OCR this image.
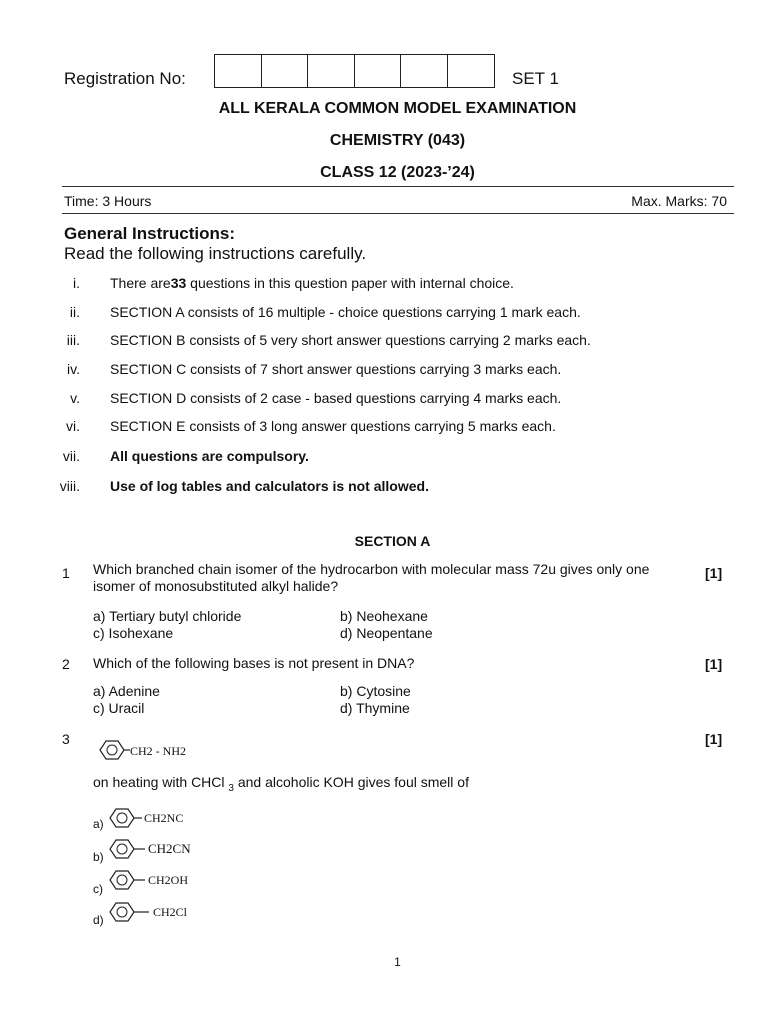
Registration No:	SET 1
ALL KERALA COMMON MODEL EXAMINATION
CHEMISTRY (043)
CLASS 12 (2023-’24)
Time: 3 Hours	Max. Marks: 70
General Instructions:
Read the following instructions carefully.
i. There are33 questions in this question paper with internal choice.
ii. SECTION A consists of 16 multiple - choice questions carrying 1 mark each.
iii. SECTION B consists of 5 very short answer questions carrying 2 marks each.
iv. SECTION C consists of 7 short answer questions carrying 3 marks each.
v. SECTION D consists of 2 case - based questions carrying 4 marks each.
vi. SECTION E consists of 3 long answer questions carrying 5 marks each.
vii. All questions are compulsory.
viii. Use of log tables and calculators is not allowed.
SECTION A
1 Which branched chain isomer of the hydrocarbon with molecular mass 72u gives only one isomer of monosubstituted alkyl halide?
[1]
a) Tertiary butyl chloride	b) Neohexane
c) Isohexane	d) Neopentane
2 Which of the following bases is not present in DNA?	[1]
a) Adenine	b) Cytosine
c) Uracil	d) Thymine
3	[1]
CH2 - NH2
on heating with CHCl $_3$ and alcoholic KOH gives foul smell of
a)	CH2NC
b)
CH2CN
c)
CH2OH
d)
CH2Cl
1
